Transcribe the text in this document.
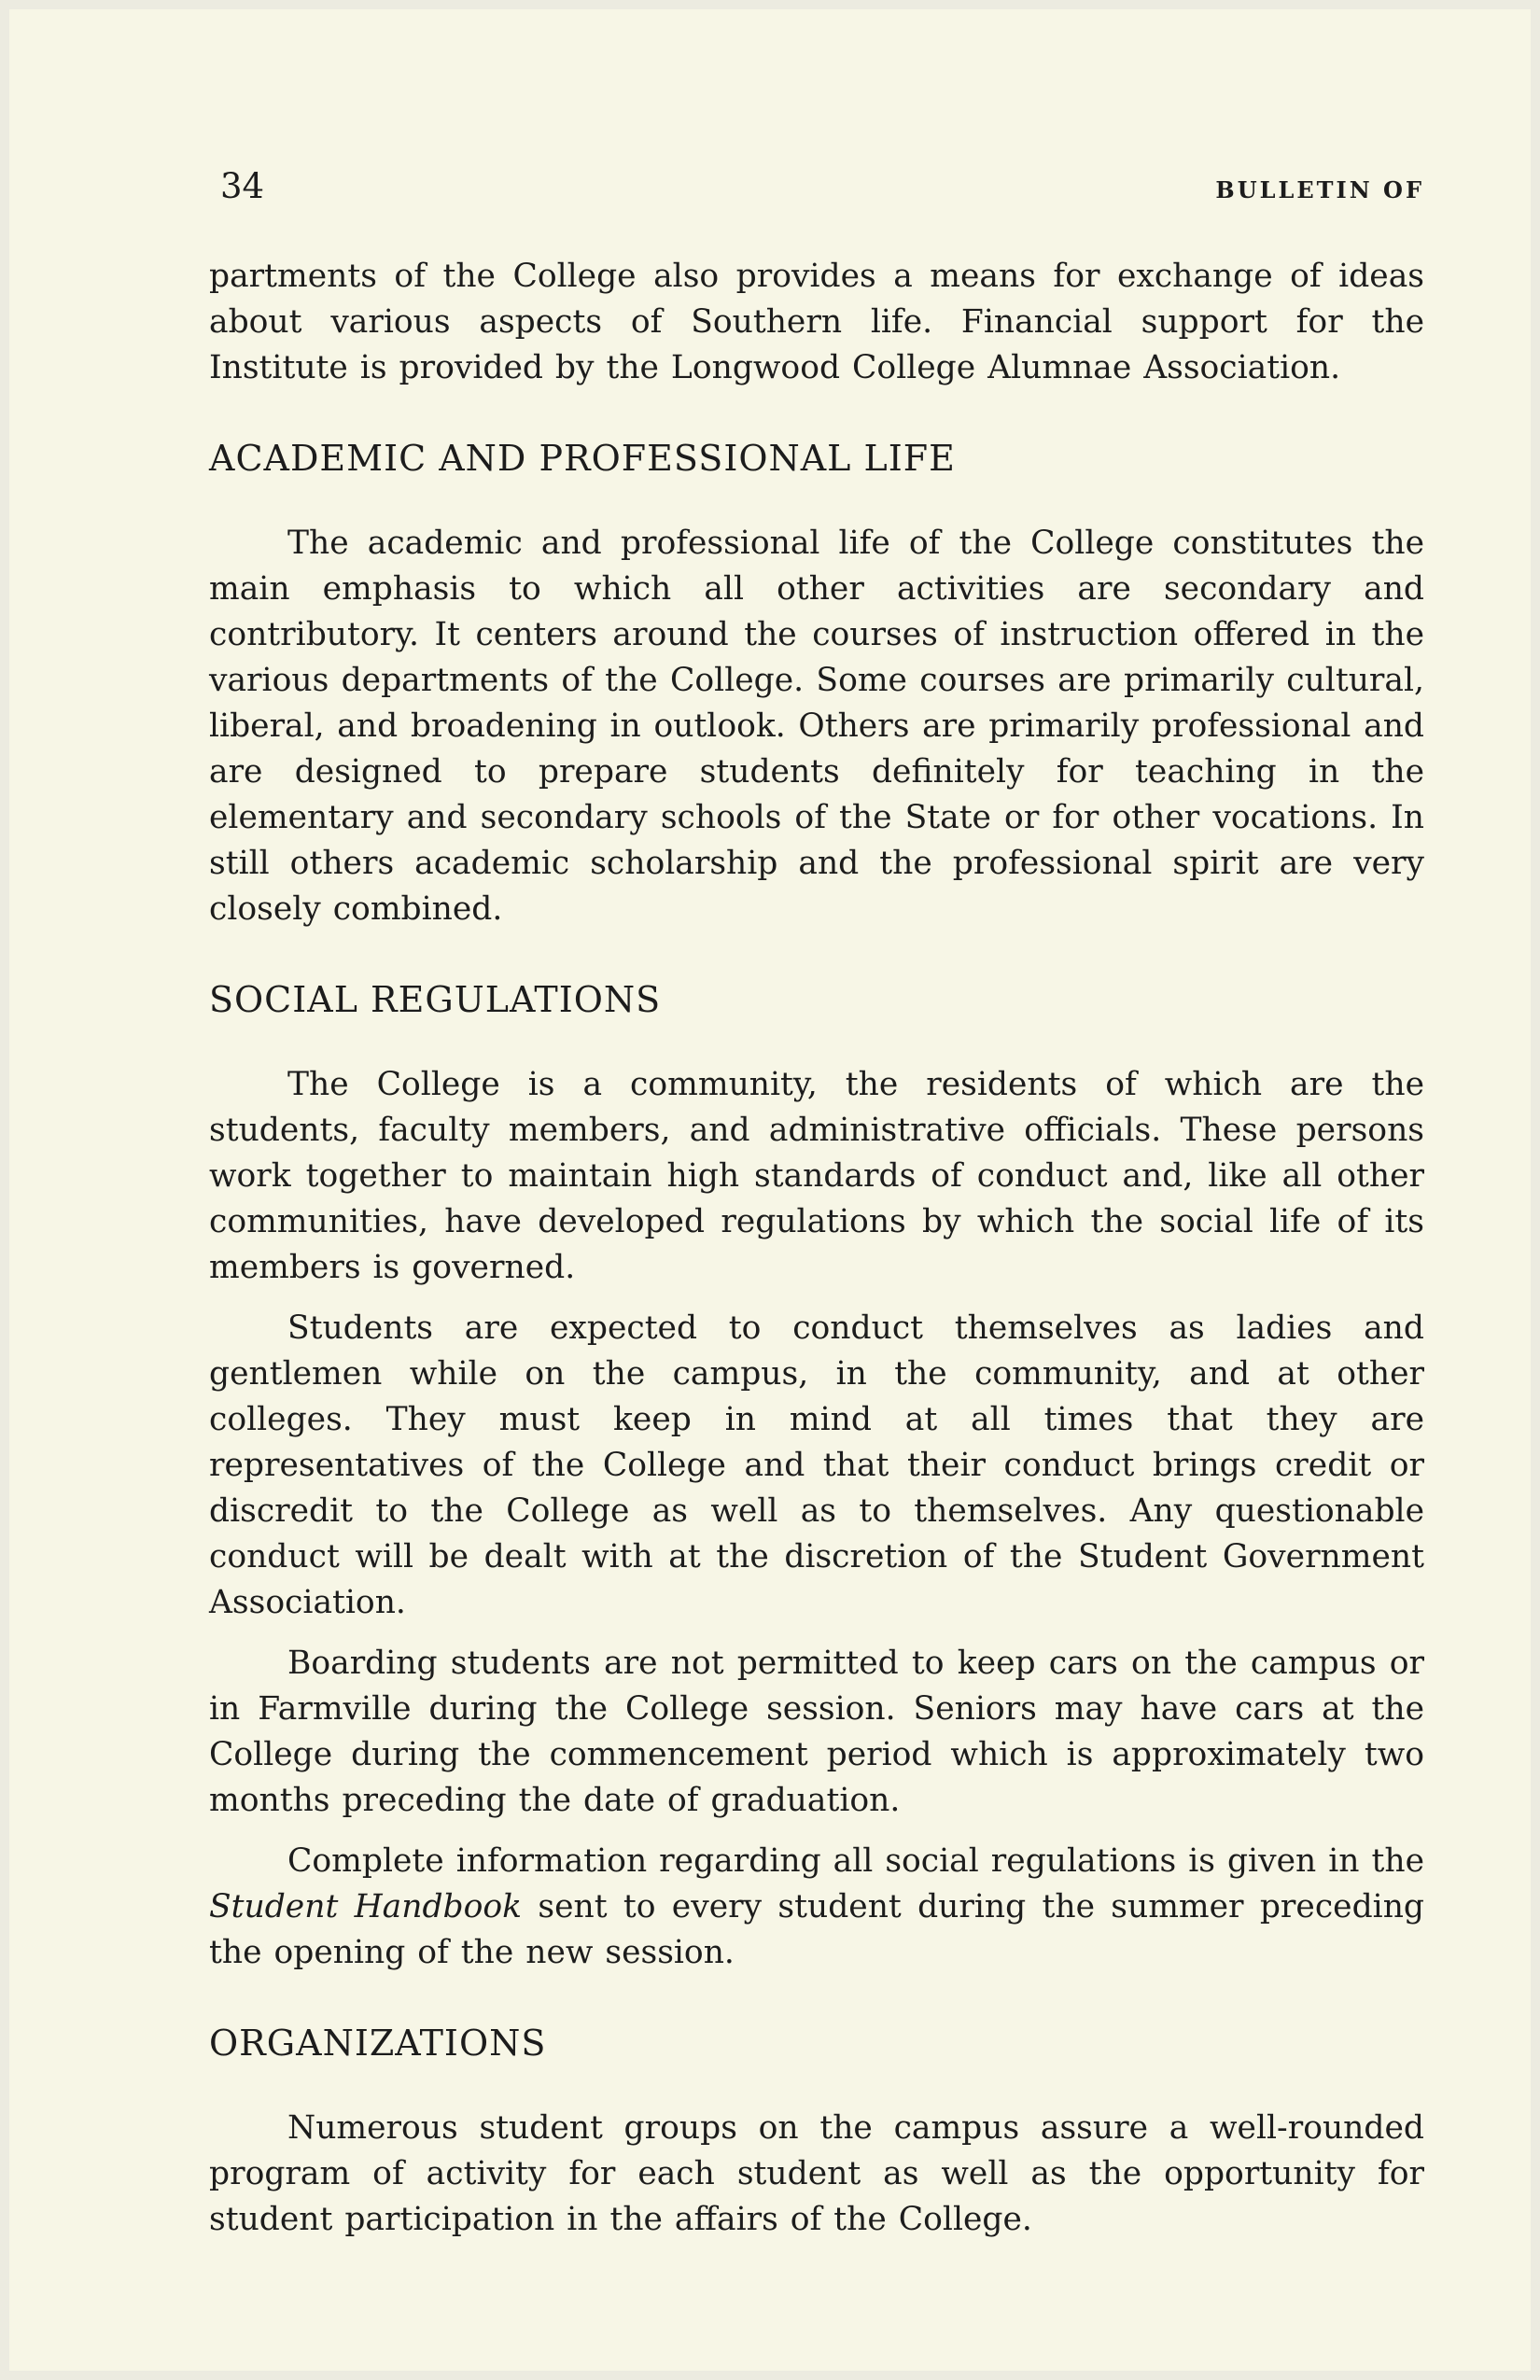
34	BULLETIN OF

partments of the College also provides a means for exchange of ideas about various aspects of Southern life. Financial support for the Institute is provided by the Longwood College Alumnae Association.

ACADEMIC AND PROFESSIONAL LIFE

The academic and professional life of the College constitutes the main emphasis to which all other activities are secondary and contributory. It centers around the courses of instruction offered in the various departments of the College. Some courses are primarily cultural, liberal, and broadening in outlook. Others are primarily professional and are designed to prepare students definitely for teaching in the elementary and secondary schools of the State or for other vocations. In still others academic scholarship and the professional spirit are very closely combined.

SOCIAL REGULATIONS

The College is a community, the residents of which are the students, faculty members, and administrative officials. These persons work together to maintain high standards of conduct and, like all other communities, have developed regulations by which the social life of its members is governed.

Students are expected to conduct themselves as ladies and gentlemen while on the campus, in the community, and at other colleges. They must keep in mind at all times that they are representatives of the College and that their conduct brings credit or discredit to the College as well as to themselves. Any questionable conduct will be dealt with at the discretion of the Student Government Association.

Boarding students are not permitted to keep cars on the campus or in Farmville during the College session. Seniors may have cars at the College during the commencement period which is approximately two months preceding the date of graduation.

Complete information regarding all social regulations is given in the Student Handbook sent to every student during the summer preceding the opening of the new session.

ORGANIZATIONS

Numerous student groups on the campus assure a well-rounded program of activity for each student as well as the opportunity for student participation in the affairs of the College.
